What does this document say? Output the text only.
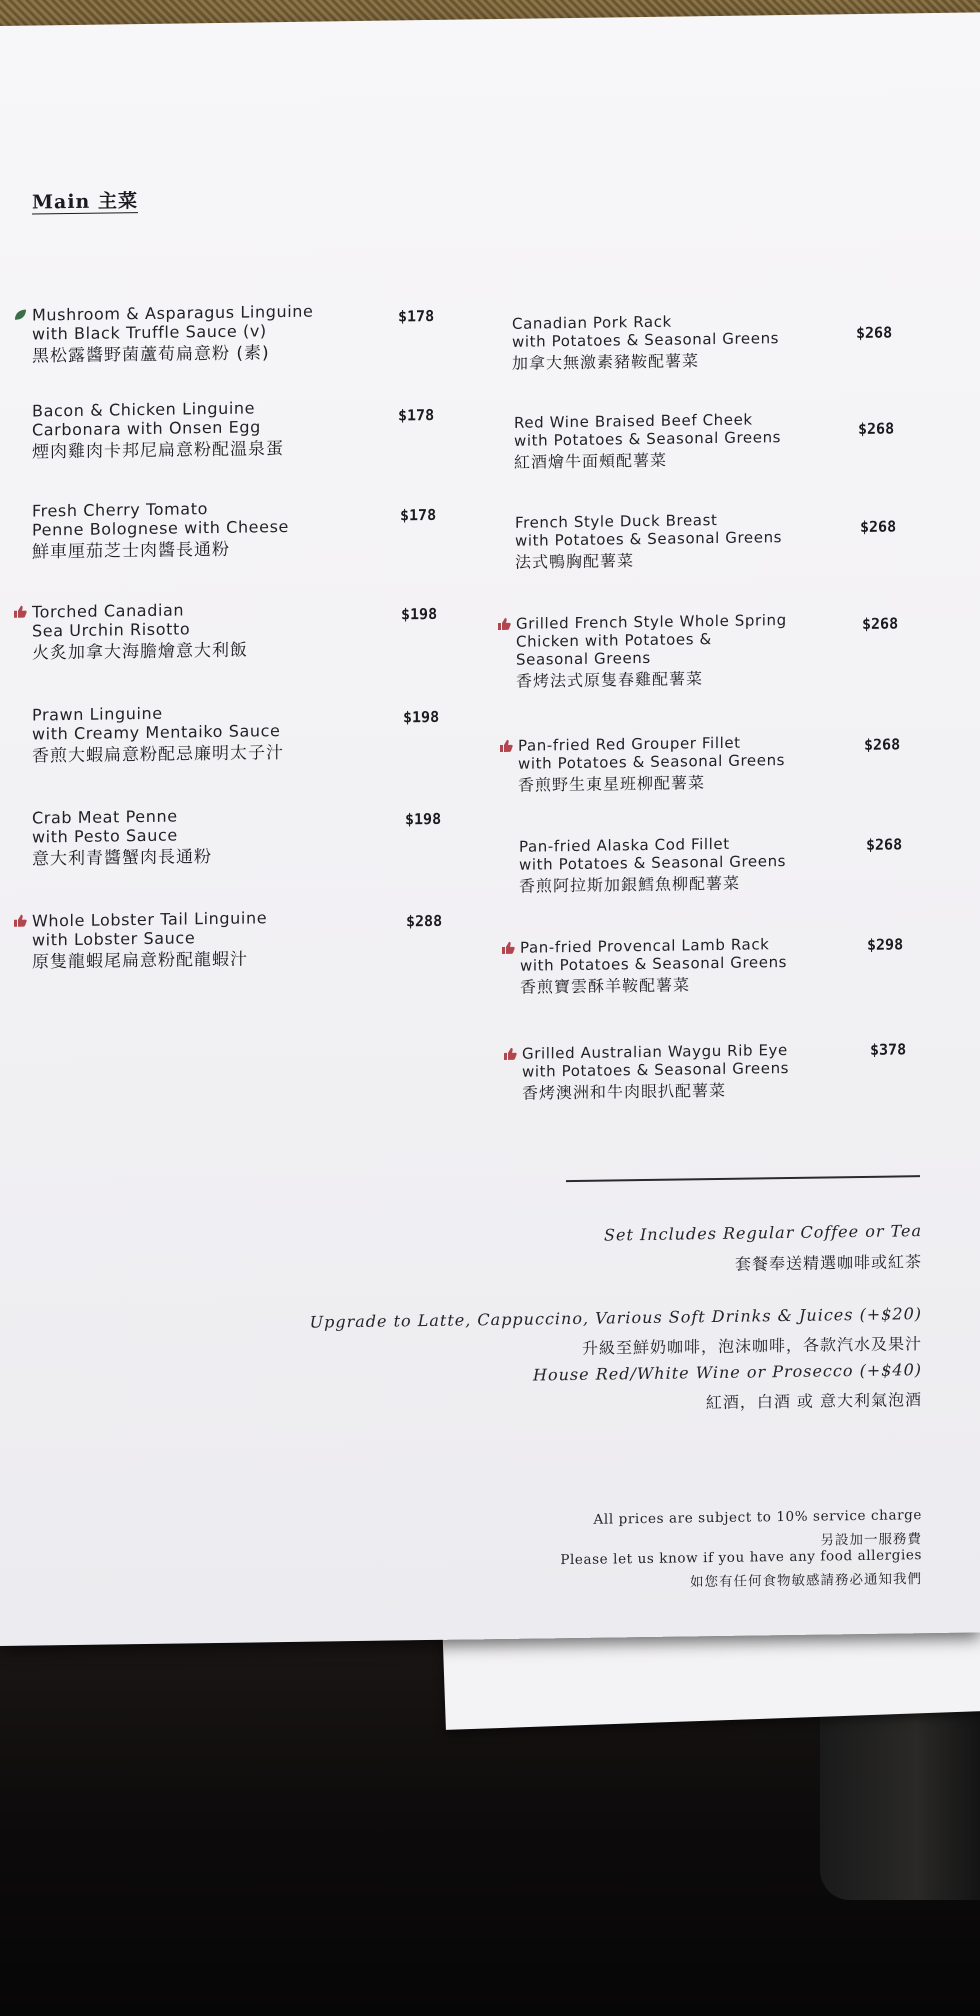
Main 主菜
Mushroom & Asparagus Linguine
with Black Truffle Sauce (v)
黑松露醬野菌蘆荀扁意粉 (素)
$178
Bacon & Chicken Linguine
Carbonara with Onsen Egg
煙肉雞肉卡邦尼扁意粉配溫泉蛋
$178
Fresh Cherry Tomato
Penne Bolognese with Cheese
鮮車厘茄芝士肉醬長通粉
$178
Torched Canadian
Sea Urchin Risotto
火炙加拿大海膽燴意大利飯
$198
Prawn Linguine
with Creamy Mentaiko Sauce
香煎大蝦扁意粉配忌廉明太子汁
$198
Crab Meat Penne
with Pesto Sauce
意大利青醬蟹肉長通粉
$198
Whole Lobster Tail Linguine
with Lobster Sauce
原隻龍蝦尾扁意粉配龍蝦汁
$288
Canadian Pork Rack
with Potatoes & Seasonal Greens
加拿大無激素豬鞍配薯菜
$268
Red Wine Braised Beef Cheek
with Potatoes & Seasonal Greens
紅酒燴牛面頰配薯菜
$268
French Style Duck Breast
with Potatoes & Seasonal Greens
法式鴨胸配薯菜
$268
Grilled French Style Whole Spring
Chicken with Potatoes &
Seasonal Greens
香烤法式原隻春雞配薯菜
$268
Pan-fried Red Grouper Fillet
with Potatoes & Seasonal Greens
香煎野生東星班柳配薯菜
$268
Pan-fried Alaska Cod Fillet
with Potatoes & Seasonal Greens
香煎阿拉斯加銀鱈魚柳配薯菜
$268
Pan-fried Provencal Lamb Rack
with Potatoes & Seasonal Greens
香煎寶雲酥羊鞍配薯菜
$298
Grilled Australian Waygu Rib Eye
with Potatoes & Seasonal Greens
香烤澳洲和牛肉眼扒配薯菜
$378
Set Includes Regular Coffee or Tea
套餐奉送精選咖啡或紅茶
Upgrade to Latte, Cappuccino, Various Soft Drinks & Juices (+$20)
升級至鮮奶咖啡，泡沫咖啡，各款汽水及果汁
House Red/White Wine or Prosecco (+$40)
紅酒，白酒 或 意大利氣泡酒
All prices are subject to 10% service charge
另設加一服務費
Please let us know if you have any food allergies
如您有任何食物敏感請務必通知我們
